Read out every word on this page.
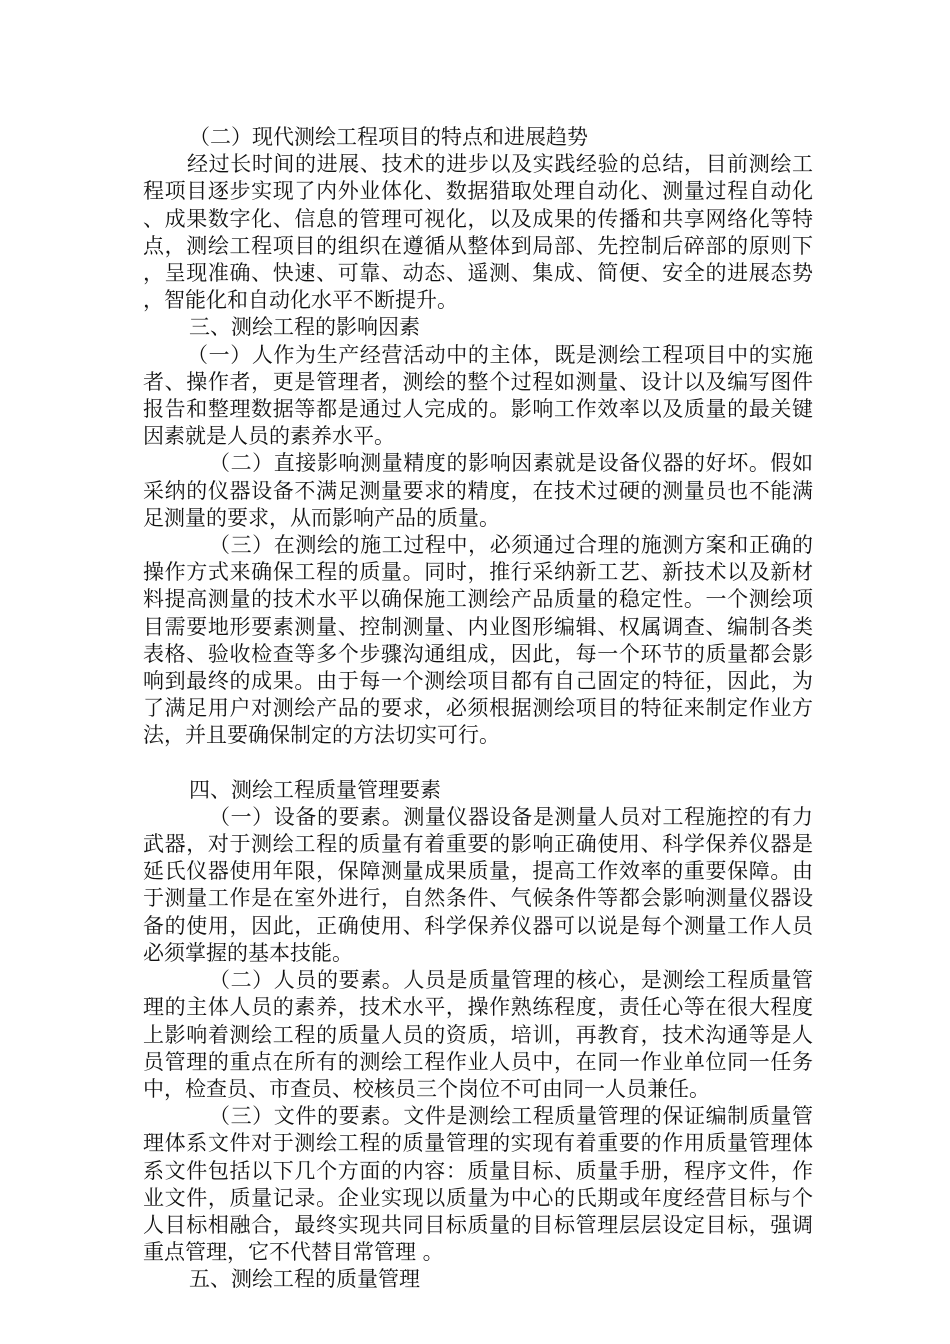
（二）现代测绘工程项目的特点和进展趋势

经过长时间的进展、技术的进步以及实践经验的总结，目前测绘工程项目逐步实现了内外业体化、数据猎取处理自动化、测量过程自动化、成果数字化、信息的管理可视化，以及成果的传播和共享网络化等特点，测绘工程项目的组织在遵循从整体到局部、先控制后碎部的原则下，呈现准确、快速、可靠、动态、遥测、集成、简便、安全的进展态势，智能化和自动化水平不断提升。

三、测绘工程的影响因素

（一）人作为生产经营活动中的主体，既是测绘工程项目中的实施者、操作者，更是管理者，测绘的整个过程如测量、设计以及编写图件报告和整理数据等都是通过人完成的。影响工作效率以及质量的最关键因素就是人员的素养水平。

（二）直接影响测量精度的影响因素就是设备仪器的好坏。假如采纳的仪器设备不满足测量要求的精度，在技术过硬的测量员也不能满足测量的要求，从而影响产品的质量。

（三）在测绘的施工过程中，必须通过合理的施测方案和正确的操作方式来确保工程的质量。同时，推行采纳新工艺、新技术以及新材料提高测量的技术水平以确保施工测绘产品质量的稳定性。一个测绘项目需要地形要素测量、控制测量、内业图形编辑、权属调查、编制各类表格、验收检查等多个步骤沟通组成，因此，每一个环节的质量都会影响到最终的成果。由于每一个测绘项目都有自己固定的特征，因此，为了满足用户对测绘产品的要求，必须根据测绘项目的特征来制定作业方法，并且要确保制定的方法切实可行。

四、测绘工程质量管理要素

（一）设备的要素。测量仪器设备是测量人员对工程施控的有力武器，对于测绘工程的质量有着重要的影响正确使用、科学保养仪器是延氏仪器使用年限，保障测量成果质量，提高工作效率的重要保障。由于测量工作是在室外进行，自然条件、气候条件等都会影响测量仪器设备的使用，因此，正确使用、科学保养仪器可以说是每个测量工作人员必须掌握的基本技能。

（二）人员的要素。人员是质量管理的核心，是测绘工程质量管理的主体人员的素养，技术水平，操作熟练程度，责任心等在很大程度上影响着测绘工程的质量人员的资质，培训，再教育，技术沟通等是人员管理的重点在所有的测绘工程作业人员中，在同一作业单位同一任务中，检查员、市查员、校核员三个岗位不可由同一人员兼任。

（三）文件的要素。文件是测绘工程质量管理的保证编制质量管理体系文件对于测绘工程的质量管理的实现有着重要的作用质量管理体系文件包括以下几个方面的内容：质量目标、质量手册，程序文件，作业文件，质量记录。企业实现以质量为中心的氏期或年度经营目标与个人目标相融合，最终实现共同目标质量的目标管理层层设定目标，强调重点管理，它不代替目常管理 。

五、测绘工程的质量管理
